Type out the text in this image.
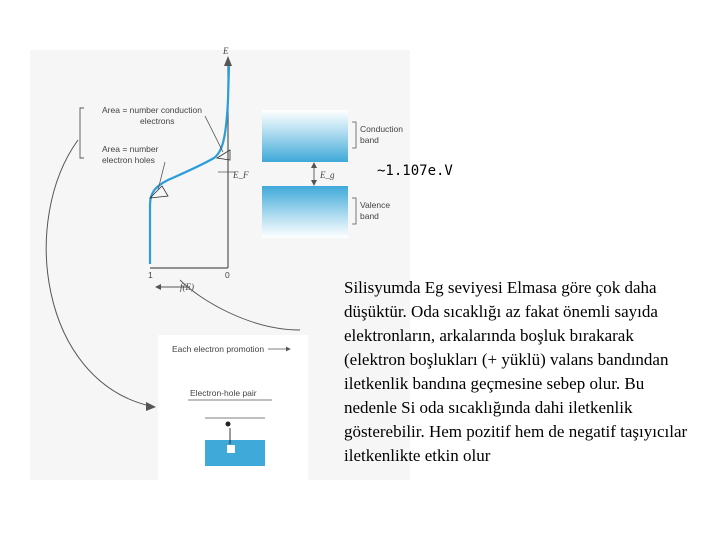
E
1	0
f(E)
E_F
Area = number conduction
electrons
Area = number
electron holes
Conduction
band
Valence
band
E_g
Each electron promotion
Electron-hole pair
~1.107e.V
Silisyumda Eg seviyesi Elmasa göre çok daha düşüktür. Oda sıcaklığı az fakat önemli sayıda elektronların, arkalarında boşluk bırakarak (elektron boşlukları (+ yüklü) valans bandından iletkenlik bandına geçmesine sebep olur. Bu nedenle Si oda sıcaklığında dahi iletkenlik gösterebilir. Hem pozitif hem de negatif taşıyıcılar iletkenlikte etkin olur
